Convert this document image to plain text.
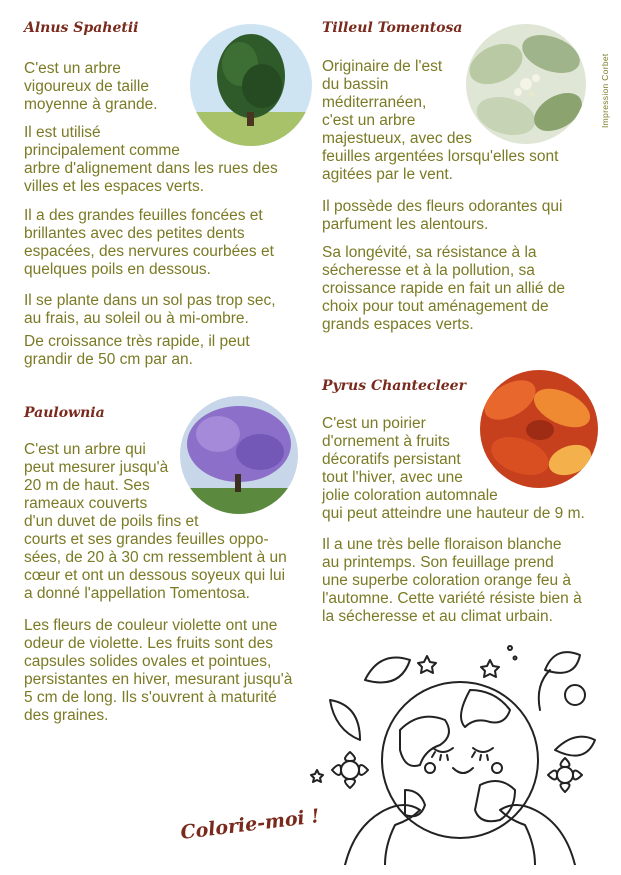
Impression Corbet
Alnus Spahetii

C'est un arbre
vigoureux de taille
moyenne à grande.

Il est utilisé
principalement comme
arbre d'alignement dans les rues des
villes et les espaces verts.

Il a des grandes feuilles foncées et
brillantes avec des petites dents
espacées, des nervures courbées et
quelques poils en dessous.

Il se plante dans un sol pas trop sec,
au frais, au soleil ou à mi-ombre.

De croissance très rapide, il peut
grandir de 50 cm par an.

Tilleul Tomentosa

Originaire de l'est
du bassin
méditerranéen,
c'est un arbre
majestueux, avec des
feuilles argentées lorsqu'elles sont
agitées par le vent.

Il possède des fleurs odorantes qui
parfument les alentours.

Sa longévité, sa résistance à la
sécheresse et à la pollution, sa
croissance rapide en fait un allié de
choix pour tout aménagement de
grands espaces verts.

Paulownia

C'est un arbre qui
peut mesurer jusqu'à
20 m de haut. Ses
rameaux couverts
d'un duvet de poils fins et
courts et ses grandes feuilles oppo-
sées, de 20 à 30 cm ressemblent à un
cœur et ont un dessous soyeux qui lui
a donné l'appellation Tomentosa.

Les fleurs de couleur violette ont une
odeur de violette. Les fruits sont des
capsules solides ovales et pointues,
persistantes en hiver, mesurant jusqu'à
5 cm de long. Ils s'ouvrent à maturité
des graines.

Pyrus Chantecleer

C'est un poirier
d'ornement à fruits
décoratifs persistant
tout l'hiver, avec une
jolie coloration automnale
qui peut atteindre une hauteur de 9 m.

Il a une très belle floraison blanche
au printemps. Son feuillage prend
une superbe coloration orange feu à
l'automne. Cette variété résiste bien à
la sécheresse et au climat urbain.

Colorie-moi !
